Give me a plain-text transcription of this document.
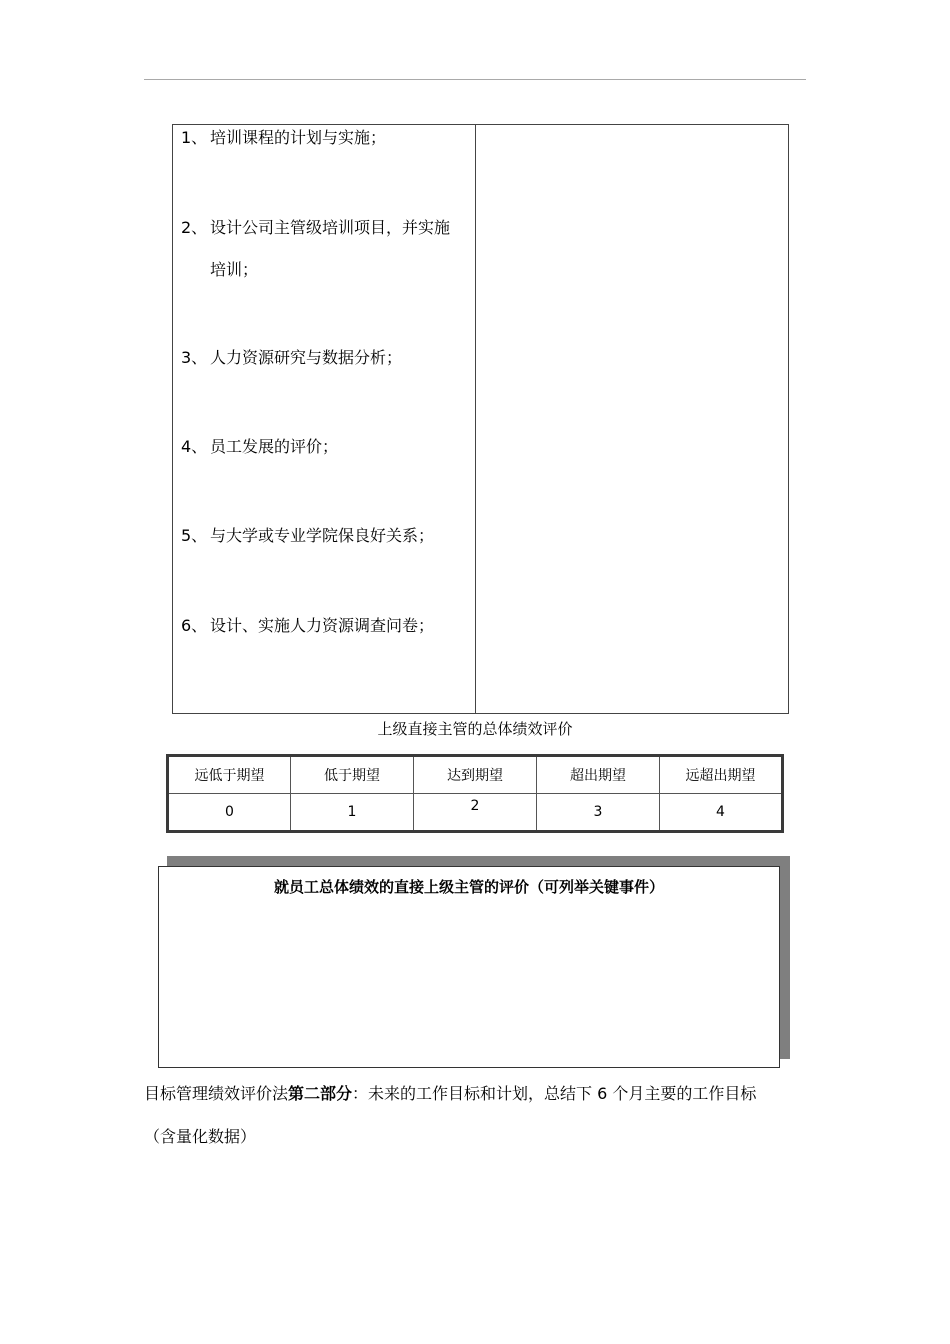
1、 培训课程的计划与实施；
2、 设计公司主管级培训项目，并实施
培训；
3、 人力资源研究与数据分析；
4、 员工发展的评价；
5、 与大学或专业学院保良好关系；
6、 设计、实施人力资源调查问卷；
上级直接主管的总体绩效评价
远低于期望	低于期望	达到期望	超出期望	远超出期望
0	1	2	3	4
就员工总体绩效的直接上级主管的评价（可列举关键事件）
目标管理绩效评价法第二部分：未来的工作目标和计划，总结下 6 个月主要的工作目标
（含量化数据）
